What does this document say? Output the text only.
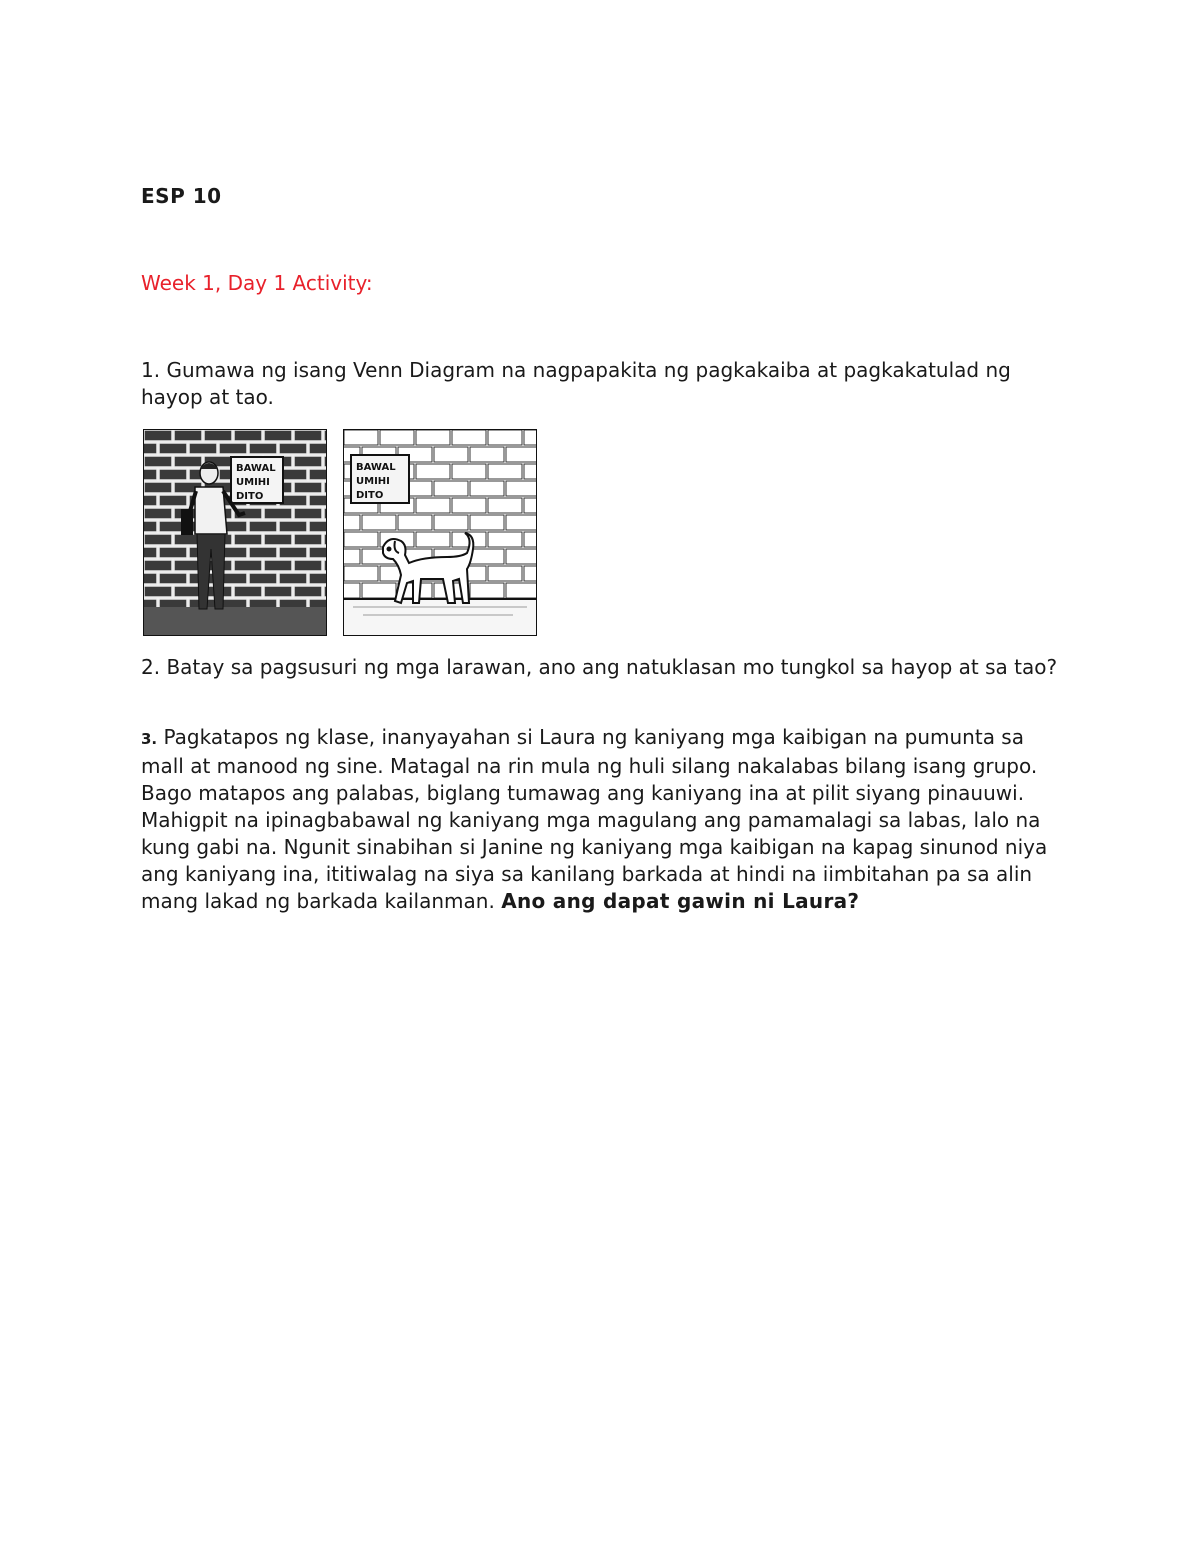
ESP 10
Week 1, Day 1 Activity:
1. Gumawa ng isang Venn Diagram na nagpapakita ng pagkakaiba at pagkakatulad ng hayop at tao.
BAWAL
UMIHI
DITO
BAWAL
UMIHI
DITO
2. Batay sa pagsusuri ng mga larawan, ano ang natuklasan mo tungkol sa hayop at sa tao?
3. Pagkatapos ng klase, inanyayahan si Laura ng kaniyang mga kaibigan na pumunta sa mall at manood ng sine. Matagal na rin mula ng huli silang nakalabas bilang isang grupo. Bago matapos ang palabas, biglang tumawag ang kaniyang ina at pilit siyang pinauuwi. Mahigpit na ipinagbabawal ng kaniyang mga magulang ang pamamalagi sa labas, lalo na kung gabi na. Ngunit sinabihan si Janine ng kaniyang mga kaibigan na kapag sinunod niya ang kaniyang ina, ititiwalag na siya sa kanilang barkada at hindi na iimbitahan pa sa alin mang lakad ng barkada kailanman. Ano ang dapat gawin ni Laura?
